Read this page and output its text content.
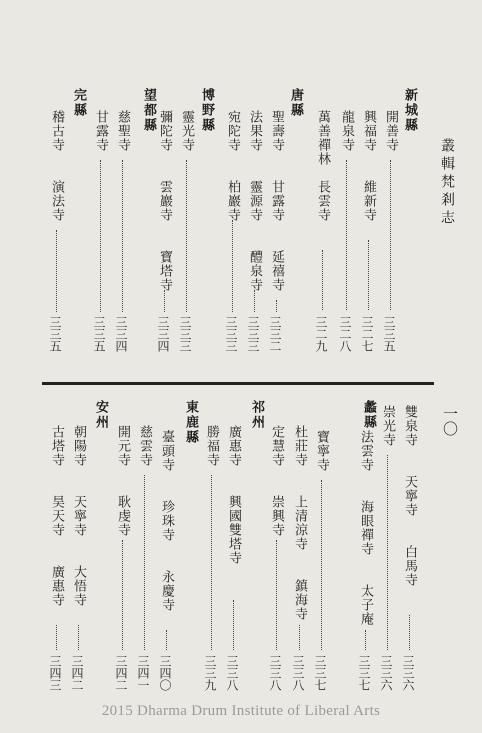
叢輯梵剎志
一〇
新城縣
唐縣
博野縣
望都縣
完縣
開善寺
三三五
興福寺　　維新寺
三二七
龍泉寺
三二八
萬善禪林　長雲寺
三二九
聖壽寺　　甘露寺　　延禧寺
三三二
法果寺　　靈源寺　　醴泉寺
三三三
宛陀寺　　柏巖寺
三三三
靈光寺
三三三
彌陀寺　　雲巖寺　　寶塔寺
三三四
慈聖寺
三三四
甘露寺
三三五
稽古寺　　演法寺
三三五
蠡縣
祁州
東鹿縣
安州	雙泉寺　　天寧寺　　白馬寺
三三六
崇光寺
三三六
法雲寺　　海眼禪寺　　太子庵
三三七
寶寧寺
三三七
杜莊寺　　上清涼寺　　鎮海寺
三三八
定慧寺　　崇興寺
三三八
廣惠寺　　興國雙塔寺
三三八
勝福寺
三三九
臺頭寺　　珍珠寺　　永慶寺
三四〇
慈雲寺
三四一
開元寺　　耿虔寺
三四二
朝陽寺　　天寧寺　　大悟寺
三四二
古塔寺　　昊天寺　　廣惠寺
三四三
2015 Dharma Drum Institute of Liberal Arts
